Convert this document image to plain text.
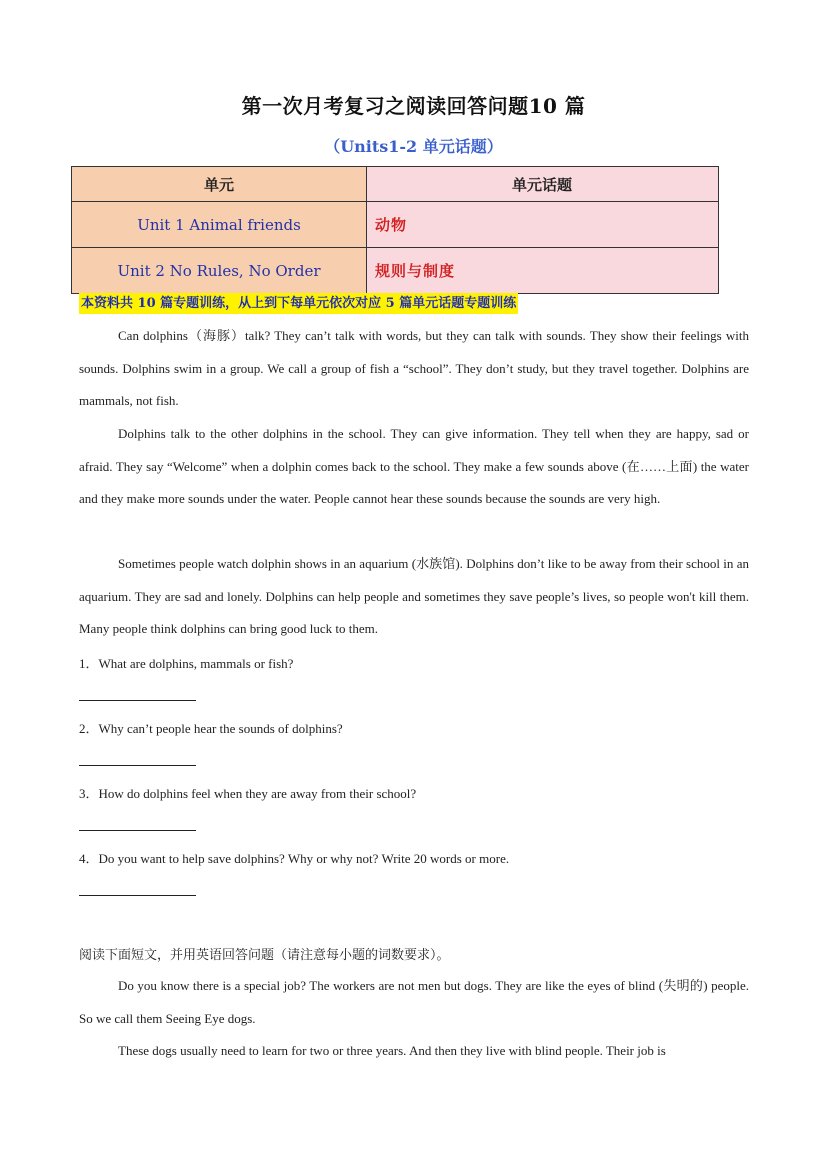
第一次月考复习之阅读回答问题10 篇
（Units1-2 单元话题）
单元	单元话题
Unit 1 Animal friends	动物
Unit 2 No Rules, No Order	规则与制度
本资料共 10 篇专题训练，从上到下每单元依次对应 5 篇单元话题专题训练
Can dolphins（海豚）talk? They can’t talk with words, but they can talk with sounds. They show their feelings with sounds. Dolphins swim in a group. We call a group of fish a “school”. They don’t study, but they travel together. Dolphins are mammals, not fish.
Dolphins talk to the other dolphins in the school. They can give information. They tell when they are happy, sad or afraid. They say “Welcome” when a dolphin comes back to the school. They make a few sounds above (在……上面) the water and they make more sounds under the water. People cannot hear these sounds because the sounds are very high.
Sometimes people watch dolphin shows in an aquarium (水族馆). Dolphins don’t like to be away from their school in an aquarium. They are sad and lonely. Dolphins can help people and sometimes they save people’s lives, so people won't kill them. Many people think dolphins can bring good luck to them.
1．What are dolphins, mammals or fish?
2．Why can’t people hear the sounds of dolphins?
3．How do dolphins feel when they are away from their school?
4．Do you want to help save dolphins? Why or why not? Write 20 words or more.
阅读下面短文，并用英语回答问题（请注意每小题的词数要求）。
Do you know there is a special job? The workers are not men but dogs. They are like the eyes of blind (失明的) people. So we call them Seeing Eye dogs.
These dogs usually need to learn for two or three years. And then they live with blind people. Their job is
